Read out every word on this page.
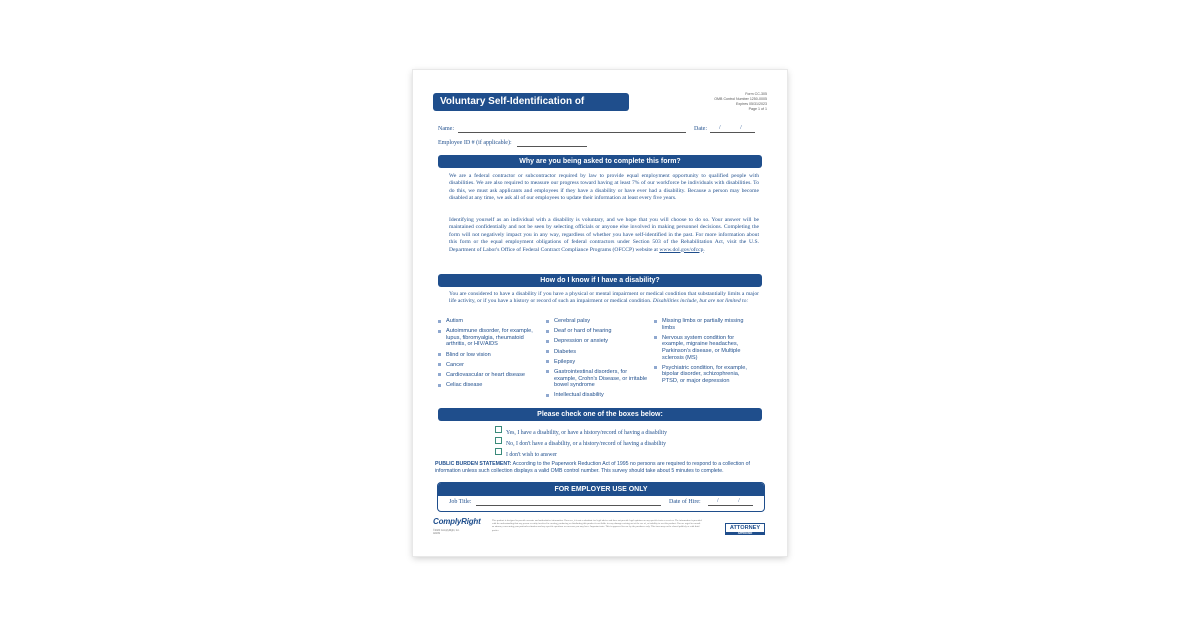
Voluntary Self-Identification of Disability
Form CC-305
OMB Control Number 1250-0005
Expires 05/31/2023
Page 1 of 1
Name:	Date: / /
Employee ID # (if applicable):
Why are you being asked to complete this form?
We are a federal contractor or subcontractor required by law to provide equal employment opportunity to qualified people with disabilities. We are also required to measure our progress toward having at least 7% of our workforce be individuals with disabilities. To do this, we must ask applicants and employees if they have a disability or have ever had a disability. Because a person may become disabled at any time, we ask all of our employees to update their information at least every five years.
Identifying yourself as an individual with a disability is voluntary, and we hope that you will choose to do so. Your answer will be maintained confidentially and not be seen by selecting officials or anyone else involved in making personnel decisions. Completing the form will not negatively impact you in any way, regardless of whether you have self-identified in the past. For more information about this form or the equal employment obligations of federal contractors under Section 503 of the Rehabilitation Act, visit the U.S. Department of Labor's Office of Federal Contract Compliance Programs (OFCCP) website at www.dol.gov/ofccp.
How do I know if I have a disability?
You are considered to have a disability if you have a physical or mental impairment or medical condition that substantially limits a major life activity, or if you have a history or record of such an impairment or medical condition. Disabilities include, but are not limited to:
Autism
Autoimmune disorder, for example, lupus, fibromyalgia, rheumatoid arthritis, or HIV/AIDS
Blind or low vision
Cancer
Cardiovascular or heart disease
Celiac disease
Cerebral palsy
Deaf or hard of hearing
Depression or anxiety
Diabetes
Epilepsy
Gastrointestinal disorders, for example, Crohn's Disease, or irritable bowel syndrome
Intellectual disability
Missing limbs or partially missing limbs
Nervous system condition for example, migraine headaches, Parkinson's disease, or Multiple sclerosis (MS)
Psychiatric condition, for example, bipolar disorder, schizophrenia, PTSD, or major depression
Please check one of the boxes below:
Yes, I have a disability, or have a history/record of having a disability
No, I don't have a disability, or a history/record of having a disability
I don't wish to answer
PUBLIC BURDEN STATEMENT: According to the Paperwork Reduction Act of 1995 no persons are required to respond to a collection of information unless such collection displays a valid OMB control number. This survey should take about 5 minutes to complete.
FOR EMPLOYER USE ONLY
Job Title:	Date of Hire:	/ /
ComplyRight
©2020 ComplyRight, Inc.
A0199
This product is designed to provide accurate and authoritative information. However, it is not a substitute for legal advice and does not provide legal opinions on any specific facts or services. The information is provided with the understanding that any person or entity involved in creating, producing or distributing this product is not liable for any damages arising out of the use of, or inability to use this product. You are urged to consult an attorney concerning your particular situation and any specific questions or concerns you may have. Important note: This is approved for use by the purchaser only. This form may not be shared publicly or with third parties.	ATTORNEY
APPROVED
